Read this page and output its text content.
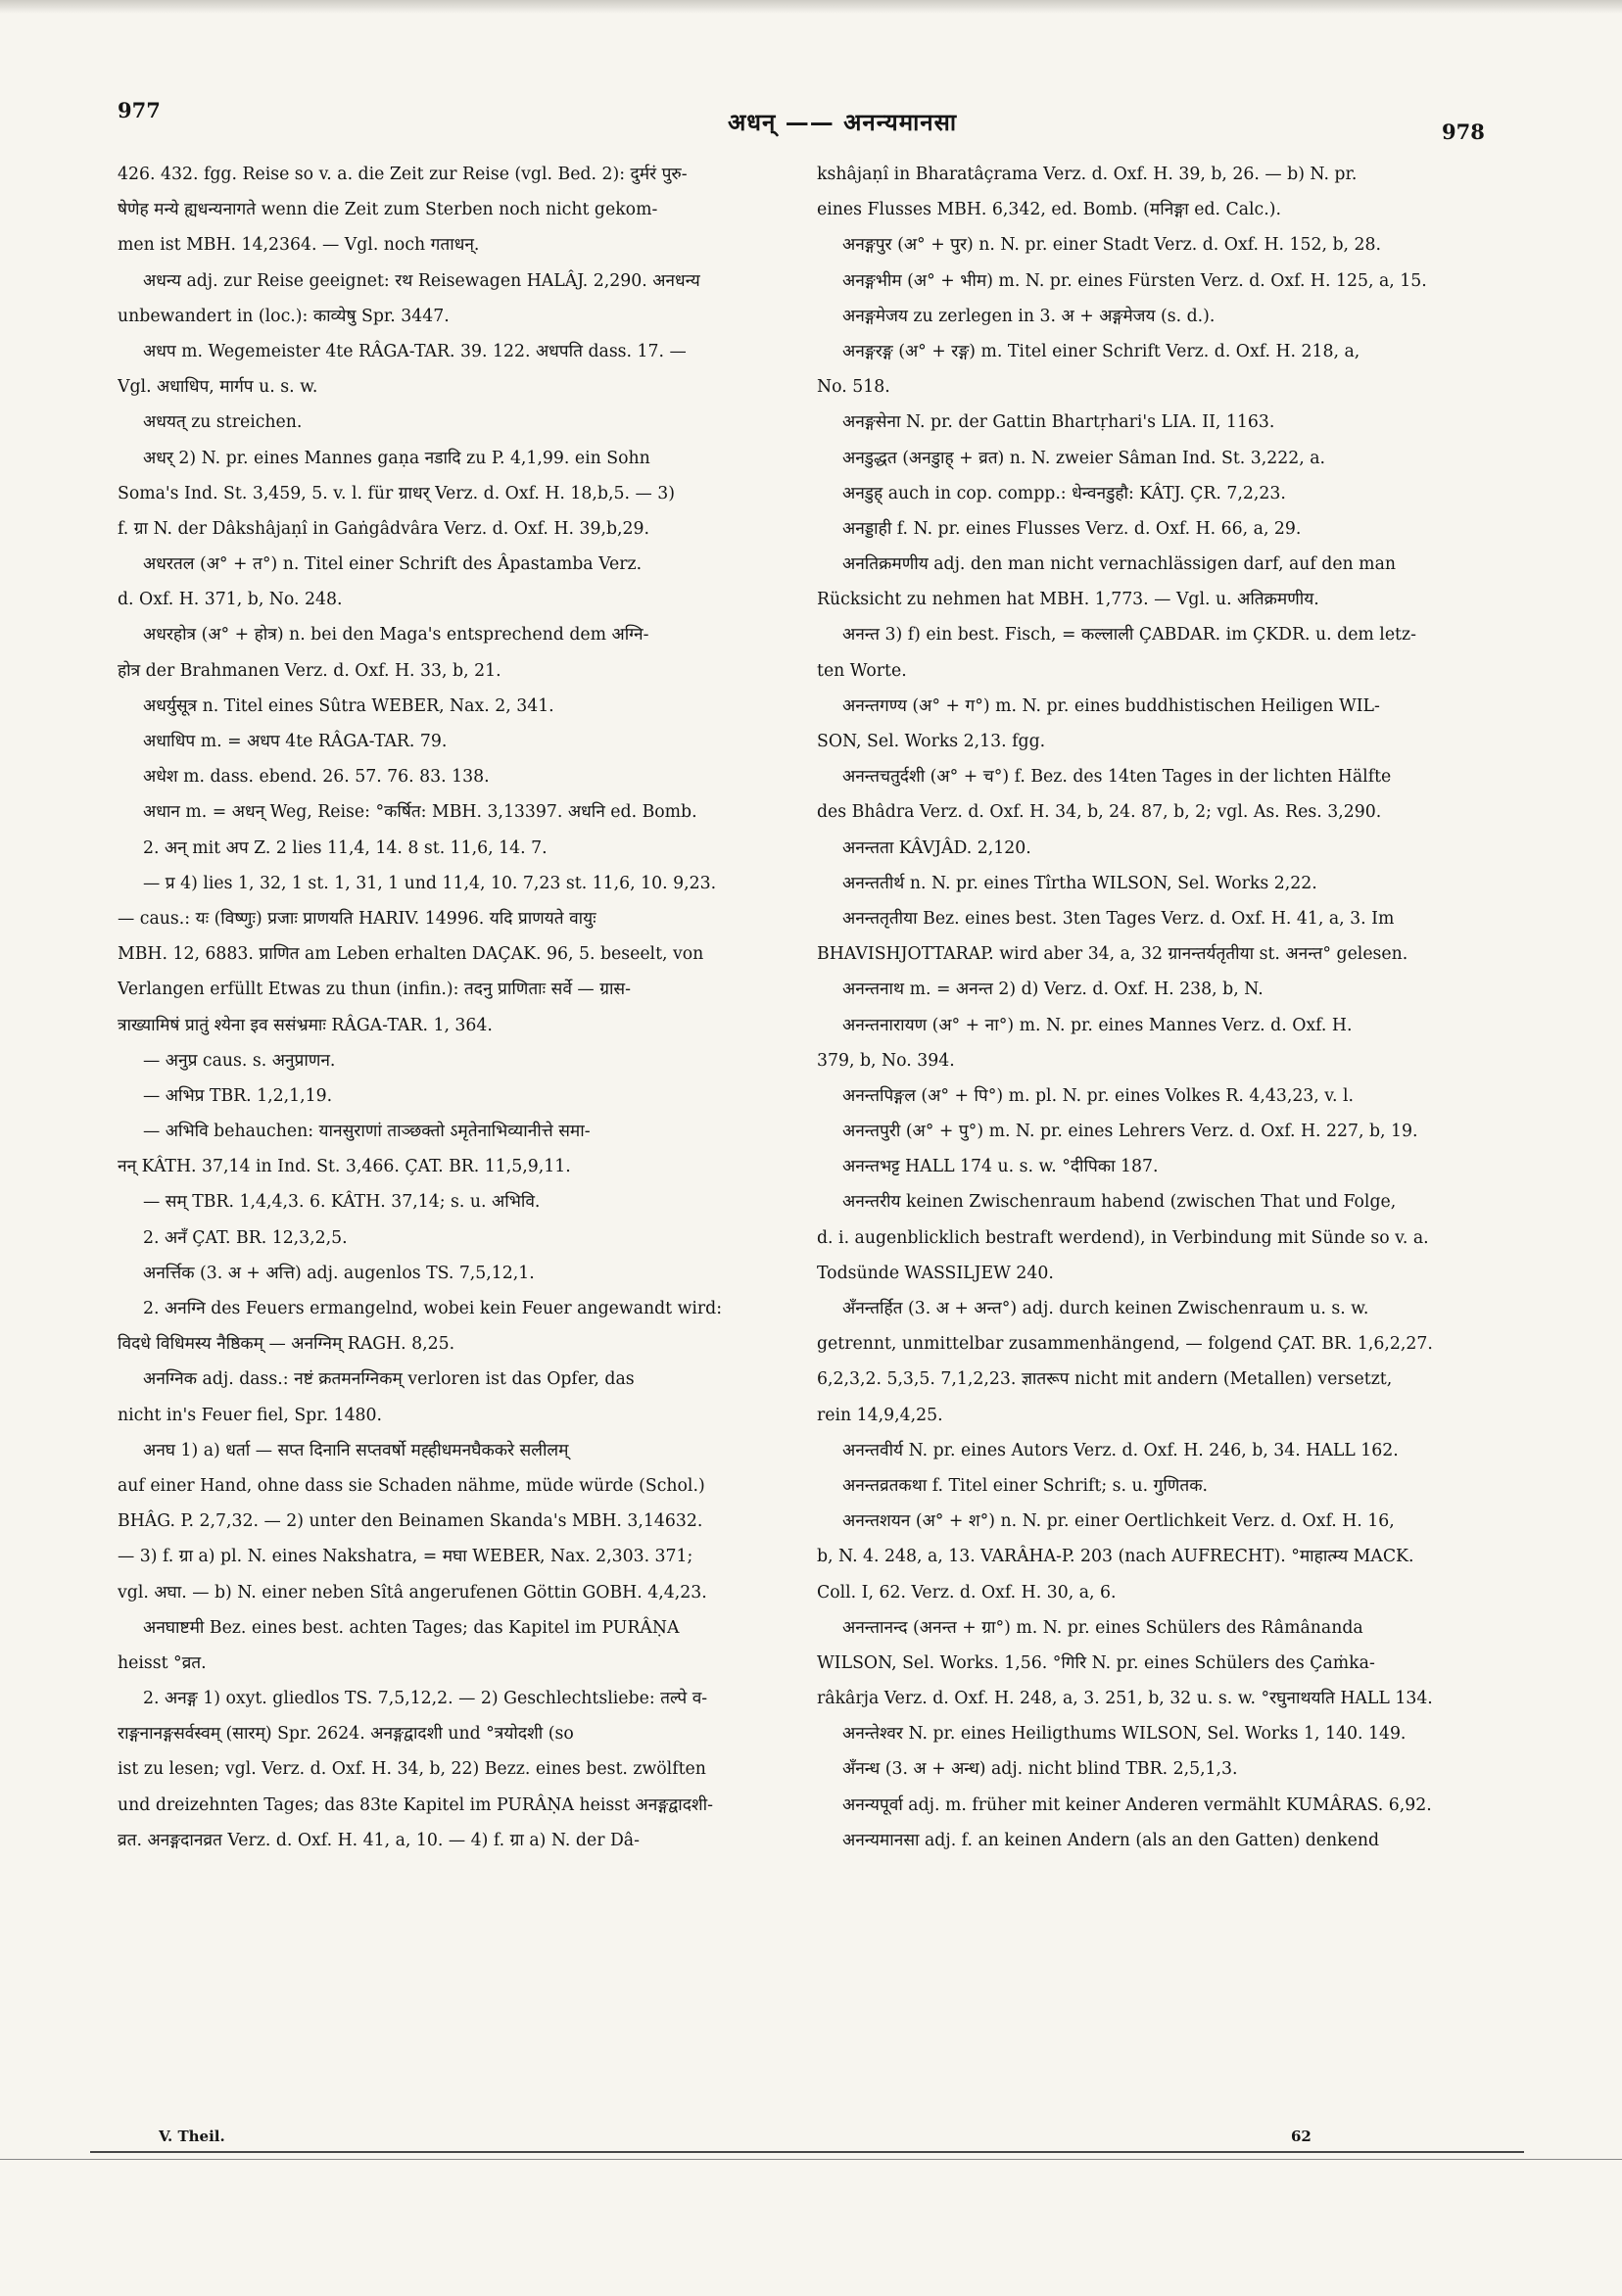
977	अधन् —— अनन्यमानसा	978
426. 432. fgg. Reise so v. a. die Zeit zur Reise (vgl. Bed. 2): दुर्मरं पुरु-
षेणेह मन्ये ह्यधन्यनागते wenn die Zeit zum Sterben noch nicht gekom-
men ist MBH. 14,2364. — Vgl. noch गताधन्.
अधन्य adj. zur Reise geeignet: रथ Reisewagen HALÂJ. 2,290. अनधन्य
unbewandert in (loc.): काव्येषु Spr. 3447.
अधप m. Wegemeister 4te RÂGA-TAR. 39. 122. अधपति dass. 17. —
Vgl. अधाधिप, मार्गप u. s. w.
अधयत् zu streichen.
अधर् 2) N. pr. eines Mannes gaṇa नडादि zu P. 4,1,99. ein Sohn
Soma's Ind. St. 3,459, 5. v. l. für ग्राधर् Verz. d. Oxf. H. 18,b,5. — 3)
f. ग्रा N. der Dâkshâjaṇî in Gaṅgâdvâra Verz. d. Oxf. H. 39,b,29.
अधरतल (अ° + त°) n. Titel einer Schrift des Âpastamba Verz.
d. Oxf. H. 371, b, No. 248.
अधरहोत्र (अ° + होत्र) n. bei den Maga's entsprechend dem अग्नि-
होत्र der Brahmanen Verz. d. Oxf. H. 33, b, 21.
अधर्युसूत्र n. Titel eines Sûtra WEBER, Nax. 2, 341.
अधाधिप m. = अधप 4te RÂGA-TAR. 79.
अधेश m. dass. ebend. 26. 57. 76. 83. 138.
अधान m. = अधन् Weg, Reise: °कर्षित: MBH. 3,13397. अधनि ed. Bomb.
2. अन् mit अप Z. 2 lies 11,4, 14. 8 st. 11,6, 14. 7.
— प्र 4) lies 1, 32, 1 st. 1, 31, 1 und 11,4, 10. 7,23 st. 11,6, 10. 9,23.
— caus.: यः (विष्णुः) प्रजाः प्राणयति HARIV. 14996. यदि प्राणयते वायुः
MBH. 12, 6883. प्राणित am Leben erhalten DAÇAK. 96, 5. beseelt, von
Verlangen erfüllt Etwas zu thun (infin.): तदनु प्राणिताः सर्वे — ग्रास-
त्राख्यामिषं प्रातुं श्येना इव ससंभ्रमाः RÂGA-TAR. 1, 364.
— अनुप्र caus. s. अनुप्राणन.
— अभिप्र TBR. 1,2,1,19.
— अभिवि behauchen: यानसुराणां ताञ्छक्तो ऽमृतेनाभिव्यानीत्ते समा-
नन् KÂTH. 37,14 in Ind. St. 3,466. ÇAT. BR. 11,5,9,11.
— सम् TBR. 1,4,4,3. 6. KÂTH. 37,14; s. u. अभिवि.
2. अनँ ÇAT. BR. 12,3,2,5.
अनर्त्तिक (3. अ + अत्ति) adj. augenlos TS. 7,5,12,1.
2. अनग्नि des Feuers ermangelnd, wobei kein Feuer angewandt wird:
विदधे विधिमस्य नैष्ठिकम् — अनग्निम् RAGH. 8,25.
अनग्निक adj. dass.: नष्टं क्रतमनग्निकम् verloren ist das Opfer, das
nicht in's Feuer fiel, Spr. 1480.
अनघ 1) a) धर्ता — सप्त दिनानि सप्तवर्षो मह्हीधमनघैककरे सलीलम्
auf einer Hand, ohne dass sie Schaden nähme, müde würde (Schol.)
BHÂG. P. 2,7,32. — 2) unter den Beinamen Skanda's MBH. 3,14632.
— 3) f. ग्रा a) pl. N. eines Nakshatra, = मघा WEBER, Nax. 2,303. 371;
vgl. अघा. — b) N. einer neben Sîtâ angerufenen Göttin GOBH. 4,4,23.
अनघाष्टमी Bez. eines best. achten Tages; das Kapitel im PURÂṆA
heisst °व्रत.
2. अनङ्ग 1) oxyt. gliedlos TS. 7,5,12,2. — 2) Geschlechtsliebe: तल्पे व-
राङ्गनानङ्गसर्वस्वम् (सारम्) Spr. 2624. अनङ्गद्वादशी und °त्रयोदशी (so
ist zu lesen; vgl. Verz. d. Oxf. H. 34, b, 22) Bezz. eines best. zwölften
und dreizehnten Tages; das 83te Kapitel im PURÂṆA heisst अनङ्गद्वादशी-
व्रत. अनङ्गदानव्रत Verz. d. Oxf. H. 41, a, 10. — 4) f. ग्रा a) N. der Dâ-
kshâjaṇî in Bharatâçrama Verz. d. Oxf. H. 39, b, 26. — b) N. pr.
eines Flusses MBH. 6,342, ed. Bomb. (मनिङ्गा ed. Calc.).
अनङ्गपुर (अ° + पुर) n. N. pr. einer Stadt Verz. d. Oxf. H. 152, b, 28.
अनङ्गभीम (अ° + भीम) m. N. pr. eines Fürsten Verz. d. Oxf. H. 125, a, 15.
अनङ्गमेजय zu zerlegen in 3. अ + अङ्गमेजय (s. d.).
अनङ्गरङ्ग (अ° + रङ्ग) m. Titel einer Schrift Verz. d. Oxf. H. 218, a,
No. 518.
अनङ्गसेना N. pr. der Gattin Bhartṛhari's LIA. II, 1163.
अनडुद्धत (अनडुाह् + व्रत) n. N. zweier Sâman Ind. St. 3,222, a.
अनडुह् auch in cop. compp.: धेन्वनडुहौ: KÂTJ. ÇR. 7,2,23.
अनड्डाही f. N. pr. eines Flusses Verz. d. Oxf. H. 66, a, 29.
अनतिक्रमणीय adj. den man nicht vernachlässigen darf, auf den man
Rücksicht zu nehmen hat MBH. 1,773. — Vgl. u. अतिक्रमणीय.
अनन्त 3) f) ein best. Fisch, = कल्लाली ÇABDAR. im ÇKDR. u. dem letz-
ten Worte.
अनन्तगण्य (अ° + ग°) m. N. pr. eines buddhistischen Heiligen WIL-
SON, Sel. Works 2,13. fgg.
अनन्तचतुर्दशी (अ° + च°) f. Bez. des 14ten Tages in der lichten Hälfte
des Bhâdra Verz. d. Oxf. H. 34, b, 24. 87, b, 2; vgl. As. Res. 3,290.
अनन्तता KÂVJÂD. 2,120.
अनन्ततीर्थ n. N. pr. eines Tîrtha WILSON, Sel. Works 2,22.
अनन्ततृतीया Bez. eines best. 3ten Tages Verz. d. Oxf. H. 41, a, 3. Im
BHAVISHJOTTARAP. wird aber 34, a, 32 ग्रानन्तर्यतृतीया st. अनन्त° gelesen.
अनन्तनाथ m. = अनन्त 2) d) Verz. d. Oxf. H. 238, b, N.
अनन्तनारायण (अ° + ना°) m. N. pr. eines Mannes Verz. d. Oxf. H.
379, b, No. 394.
अनन्तपिङ्गल (अ° + पि°) m. pl. N. pr. eines Volkes R. 4,43,23, v. l.
अनन्तपुरी (अ° + पु°) m. N. pr. eines Lehrers Verz. d. Oxf. H. 227, b, 19.
अनन्तभट्ट HALL 174 u. s. w. °दीपिका 187.
अनन्तरीय keinen Zwischenraum habend (zwischen That und Folge,
d. i. augenblicklich bestraft werdend), in Verbindung mit Sünde so v. a.
Todsünde WASSILJEW 240.
अँनन्तर्हित (3. अ + अन्त°) adj. durch keinen Zwischenraum u. s. w.
getrennt, unmittelbar zusammenhängend, — folgend ÇAT. BR. 1,6,2,27.
6,2,3,2. 5,3,5. 7,1,2,23. ज्ञातरूप nicht mit andern (Metallen) versetzt,
rein 14,9,4,25.
अनन्तवीर्य N. pr. eines Autors Verz. d. Oxf. H. 246, b, 34. HALL 162.
अनन्तव्रतकथा f. Titel einer Schrift; s. u. गुणितक.
अनन्तशयन (अ° + श°) n. N. pr. einer Oertlichkeit Verz. d. Oxf. H. 16,
b, N. 4. 248, a, 13. VARÂHA-P. 203 (nach AUFRECHT). °माहात्म्य MACK.
Coll. I, 62. Verz. d. Oxf. H. 30, a, 6.
अनन्तानन्द (अनन्त + ग्रा°) m. N. pr. eines Schülers des Râmânanda
WILSON, Sel. Works. 1,56. °गिरि N. pr. eines Schülers des Çaṁka-
râkârja Verz. d. Oxf. H. 248, a, 3. 251, b, 32 u. s. w. °रघुनाथयति HALL 134.
अनन्तेश्वर N. pr. eines Heiligthums WILSON, Sel. Works 1, 140. 149.
अँनन्ध (3. अ + अन्ध) adj. nicht blind TBR. 2,5,1,3.
अनन्यपूर्वा adj. m. früher mit keiner Anderen vermählt KUMÂRAS. 6,92.
अनन्यमानसा adj. f. an keinen Andern (als an den Gatten) denkend
V. Theil.	62
